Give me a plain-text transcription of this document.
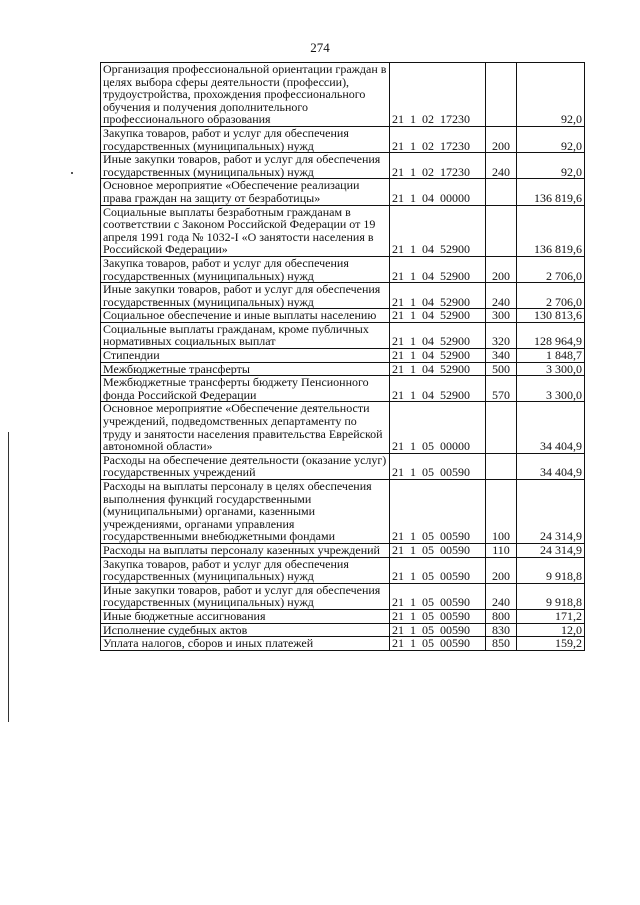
274
Организация профессиональной ориентации граждан в целях выбора сферы деятельности (профессии), трудоустройства, прохождения профессионального обучения и получения дополнительного профессионального образования	21  1  02  17230		92,0
Закупка товаров, работ и услуг для обеспечения государственных (муниципальных) нужд	21  1  02  17230	200	92,0
Иные закупки товаров, работ и услуг для обеспечения государственных (муниципальных) нужд	21  1  02  17230	240	92,0
Основное мероприятие «Обеспечение реализации права граждан на защиту от безработицы»	21  1  04  00000		136 819,6
Социальные выплаты безработным гражданам в соответствии с Законом Российской Федерации от 19 апреля 1991 года № 1032-I «О занятости населения в Российской Федерации»	21  1  04  52900		136 819,6
Закупка товаров, работ и услуг для обеспечения государственных (муниципальных) нужд	21  1  04  52900	200	2 706,0
Иные закупки товаров, работ и услуг для обеспечения государственных (муниципальных) нужд	21  1  04  52900	240	2 706,0
Социальное обеспечение и иные выплаты населению	21  1  04  52900	300	130 813,6
Социальные выплаты гражданам, кроме публичных нормативных социальных выплат	21  1  04  52900	320	128 964,9
Стипендии	21  1  04  52900	340	1 848,7
Межбюджетные трансферты	21  1  04  52900	500	3 300,0
Межбюджетные трансферты бюджету Пенсионного фонда Российской Федерации	21  1  04  52900	570	3 300,0
Основное мероприятие «Обеспечение деятельности учреждений, подведомственных департаменту по труду и занятости населения правительства Еврейской автономной области»	21  1  05  00000		34 404,9
Расходы на обеспечение деятельности (оказание услуг) государственных учреждений	21  1  05  00590		34 404,9
Расходы на выплаты персоналу в целях обеспечения выполнения функций государственными (муниципальными) органами, казенными учреждениями, органами управления государственными внебюджетными фондами	21  1  05  00590	100	24 314,9
Расходы на выплаты персоналу казенных учреждений	21  1  05  00590	110	24 314,9
Закупка товаров, работ и услуг для обеспечения государственных (муниципальных) нужд	21  1  05  00590	200	9 918,8
Иные закупки товаров, работ и услуг для обеспечения государственных (муниципальных) нужд	21  1  05  00590	240	9 918,8
Иные бюджетные ассигнования	21  1  05  00590	800	171,2
Исполнение судебных актов	21  1  05  00590	830	12,0
Уплата налогов, сборов и иных платежей	21  1  05  00590	850	159,2
